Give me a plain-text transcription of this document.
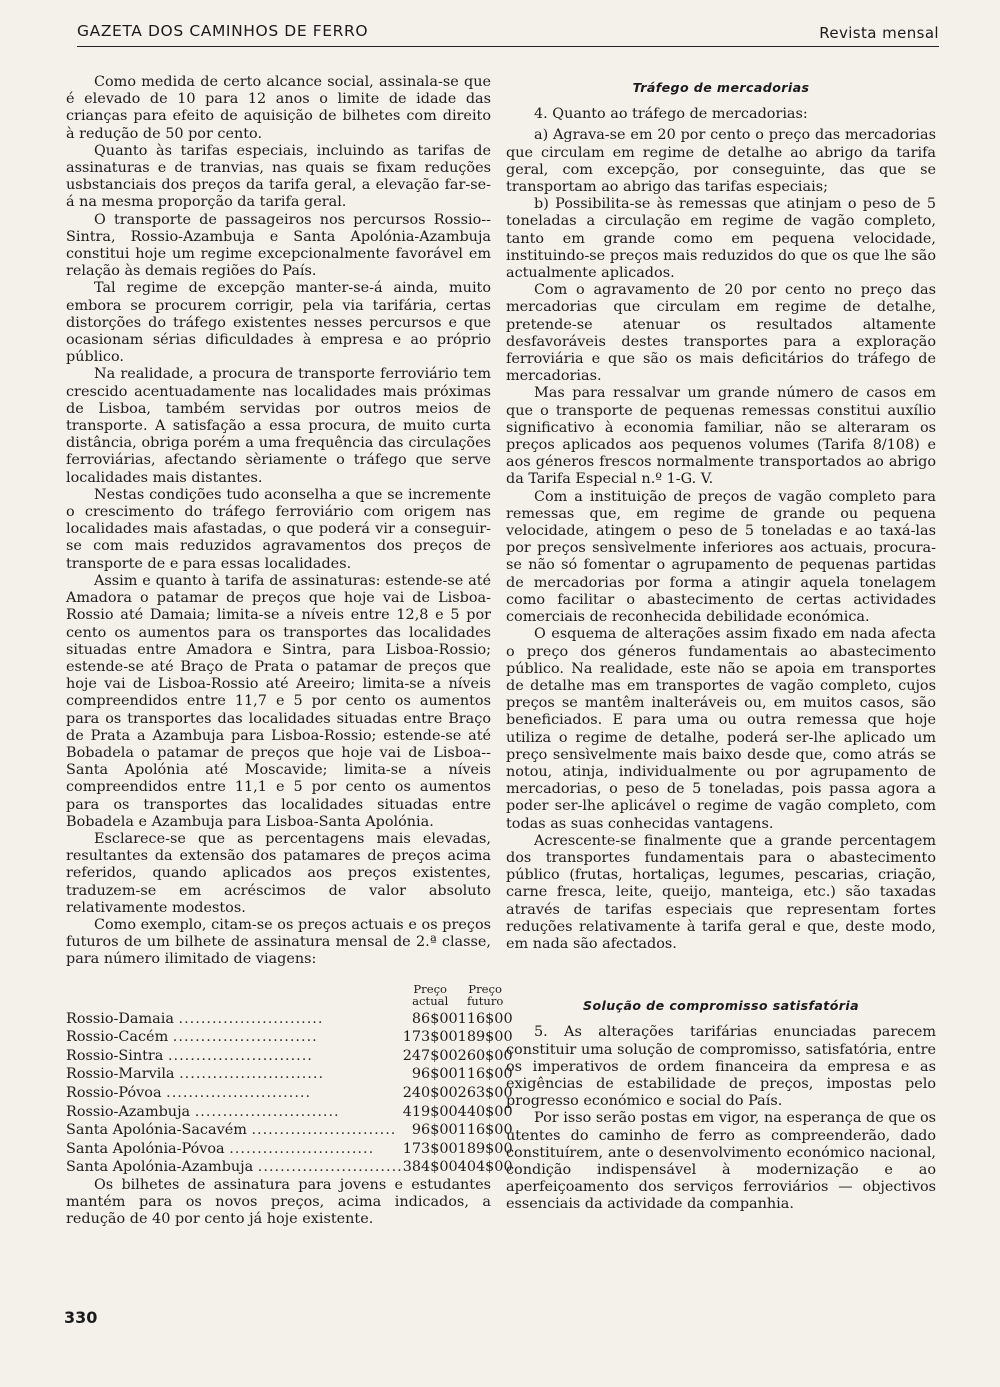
GAZETA DOS CAMINHOS DE FERRO	Revista mensal

Como medida de certo alcance social, assinala-se que é elevado de 10 para 12 anos o limite de idade das crianças para efeito de aquisição de bilhetes com direito à redução de 50 por cento.

Quanto às tarifas especiais, incluindo as tarifas de assinaturas e de tranvias, nas quais se fixam reduções usbstanciais dos preços da tarifa geral, a elevação far-se-á na mesma proporção da tarifa geral.

O transporte de passageiros nos percursos Rossio--Sintra, Rossio-Azambuja e Santa Apolónia-Azambuja constitui hoje um regime excepcionalmente favorável em relação às demais regiões do País.

Tal regime de excepção manter-se-á ainda, muito embora se procurem corrigir, pela via tarifária, certas distorções do tráfego existentes nesses percursos e que ocasionam sérias dificuldades à empresa e ao próprio público.

Na realidade, a procura de transporte ferroviário tem crescido acentuadamente nas localidades mais próximas de Lisboa, também servidas por outros meios de transporte. A satisfação a essa procura, de muito curta distância, obriga porém a uma frequência das circulações ferroviárias, afectando sèriamente o tráfego que serve localidades mais distantes.

Nestas condições tudo aconselha a que se incremente o crescimento do tráfego ferroviário com origem nas localidades mais afastadas, o que poderá vir a conseguir-se com mais reduzidos agravamentos dos preços de transporte de e para essas localidades.

Assim e quanto à tarifa de assinaturas: estende-se até Amadora o patamar de preços que hoje vai de Lisboa-Rossio até Damaia; limita-se a níveis entre 12,8 e 5 por cento os aumentos para os transportes das localidades situadas entre Amadora e Sintra, para Lisboa-Rossio; estende-se até Braço de Prata o patamar de preços que hoje vai de Lisboa-Rossio até Areeiro; limita-se a níveis compreendidos entre 11,7 e 5 por cento os aumentos para os transportes das localidades situadas entre Braço de Prata a Azambuja para Lisboa-Rossio; estende-se até Bobadela o patamar de preços que hoje vai de Lisboa--Santa Apolónia até Moscavide; limita-se a níveis compreendidos entre 11,1 e 5 por cento os aumentos para os transportes das localidades situadas entre Bobadela e Azambuja para Lisboa-Santa Apolónia.

Esclarece-se que as percentagens mais elevadas, resultantes da extensão dos patamares de preços acima referidos, quando aplicados aos preços existentes, traduzem-se em acréscimos de valor absoluto relativamente modestos.

Como exemplo, citam-se os preços actuais e os preços futuros de um bilhete de assinatura mensal de 2.ª classe, para número ilimitado de viagens:

	Preço actual	Preço futuro
Rossio-Damaia ..........................	86$00	116$00
Rossio-Cacém ..........................	173$00	189$00
Rossio-Sintra ..........................	247$00	260$00
Rossio-Marvila ..........................	96$00	116$00
Rossio-Póvoa ..........................	240$00	263$00
Rossio-Azambuja ..........................	419$00	440$00
Santa Apolónia-Sacavém ..........................	96$00	116$00
Santa Apolónia-Póvoa ..........................	173$00	189$00
Santa Apolónia-Azambuja ..........................	384$00	404$00

Os bilhetes de assinatura para jovens e estudantes mantém para os novos preços, acima indicados, a redução de 40 por cento já hoje existente.

Tráfego de mercadorias

4. Quanto ao tráfego de mercadorias:

a) Agrava-se em 20 por cento o preço das mercadorias que circulam em regime de detalhe ao abrigo da tarifa geral, com excepção, por conseguinte, das que se transportam ao abrigo das tarifas especiais;

b) Possibilita-se às remessas que atinjam o peso de 5 toneladas a circulação em regime de vagão completo, tanto em grande como em pequena velocidade, instituindo-se preços mais reduzidos do que os que lhe são actualmente aplicados.

Com o agravamento de 20 por cento no preço das mercadorias que circulam em regime de detalhe, pretende-se atenuar os resultados altamente desfavoráveis destes transportes para a exploração ferroviária e que são os mais deficitários do tráfego de mercadorias.

Mas para ressalvar um grande número de casos em que o transporte de pequenas remessas constitui auxílio significativo à economia familiar, não se alteraram os preços aplicados aos pequenos volumes (Tarifa 8/108) e aos géneros frescos normalmente transportados ao abrigo da Tarifa Especial n.º 1-G. V.

Com a instituição de preços de vagão completo para remessas que, em regime de grande ou pequena velocidade, atingem o peso de 5 toneladas e ao taxá-las por preços sensìvelmente inferiores aos actuais, procura-se não só fomentar o agrupamento de pequenas partidas de mercadorias por forma a atingir aquela tonelagem como facilitar o abastecimento de certas actividades comerciais de reconhecida debilidade económica.

O esquema de alterações assim fixado em nada afecta o preço dos géneros fundamentais ao abastecimento público. Na realidade, este não se apoia em transportes de detalhe mas em transportes de vagão completo, cujos preços se mantêm inalteráveis ou, em muitos casos, são beneficiados. E para uma ou outra remessa que hoje utiliza o regime de detalhe, poderá ser-lhe aplicado um preço sensìvelmente mais baixo desde que, como atrás se notou, atinja, individualmente ou por agrupamento de mercadorias, o peso de 5 toneladas, pois passa agora a poder ser-lhe aplicável o regime de vagão completo, com todas as suas conhecidas vantagens.

Acrescente-se finalmente que a grande percentagem dos transportes fundamentais para o abastecimento público (frutas, hortaliças, legumes, pescarias, criação, carne fresca, leite, queijo, manteiga, etc.) são taxadas através de tarifas especiais que representam fortes reduções relativamente à tarifa geral e que, deste modo, em nada são afectados.

Solução de compromisso satisfatória

5. As alterações tarifárias enunciadas parecem constituir uma solução de compromisso, satisfatória, entre os imperativos de ordem financeira da empresa e as exigências de estabilidade de preços, impostas pelo progresso económico e social do País.

Por isso serão postas em vigor, na esperança de que os utentes do caminho de ferro as compreenderão, dado constituírem, ante o desenvolvimento económico nacional, condição indispensável à modernização e ao aperfeiçoamento dos serviços ferroviários — objectivos essenciais da actividade da companhia.

330
